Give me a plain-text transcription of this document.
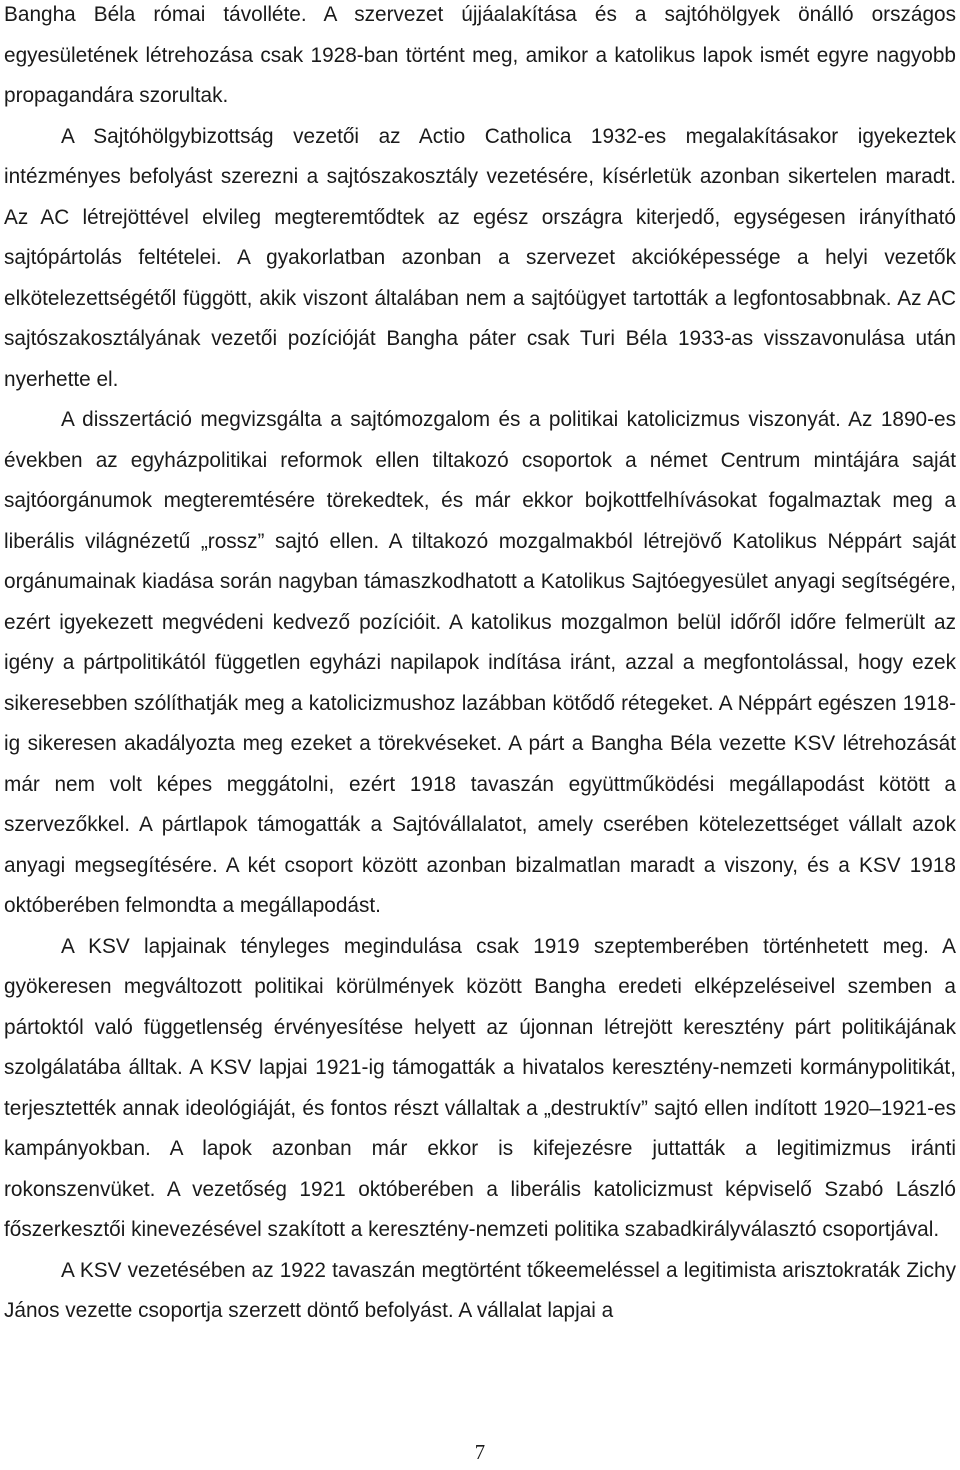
Bangha Béla római távolléte. A szervezet újjáalakítása és a sajtóhölgyek önálló országos egyesületének létrehozása csak 1928-ban történt meg, amikor a katolikus lapok ismét egyre nagyobb propagandára szorultak.

A Sajtóhölgybizottság vezetői az Actio Catholica 1932-es megalakításakor igyekeztek intézményes befolyást szerezni a sajtószakosztály vezetésére, kísérletük azonban sikertelen maradt. Az AC létrejöttével elvileg megteremtődtek az egész országra kiterjedő, egységesen irányítható sajtópártolás feltételei. A gyakorlatban azonban a szervezet akcióképessége a helyi vezetők elkötelezettségétől függött, akik viszont általában nem a sajtóügyet tartották a legfontosabbnak. Az AC sajtószakosztályának vezetői pozícióját Bangha páter csak Turi Béla 1933-as visszavonulása után nyerhette el.

A disszertáció megvizsgálta a sajtómozgalom és a politikai katolicizmus viszonyát. Az 1890-es években az egyházpolitikai reformok ellen tiltakozó csoportok a német Centrum mintájára saját sajtóorgánumok megteremtésére törekedtek, és már ekkor bojkottfelhívásokat fogalmaztak meg a liberális világnézetű „rossz” sajtó ellen. A tiltakozó mozgalmakból létrejövő Katolikus Néppárt saját orgánumainak kiadása során nagyban támaszkodhatott a Katolikus Sajtóegyesület anyagi segítségére, ezért igyekezett megvédeni kedvező pozícióit. A katolikus mozgalmon belül időről időre felmerült az igény a pártpolitikától független egyházi napilapok indítása iránt, azzal a megfontolással, hogy ezek sikeresebben szólíthatják meg a katolicizmushoz lazábban kötődő rétegeket. A Néppárt egészen 1918-ig sikeresen akadályozta meg ezeket a törekvéseket. A párt a Bangha Béla vezette KSV létrehozását már nem volt képes meggátolni, ezért 1918 tavaszán együttműködési megállapodást kötött a szervezőkkel. A pártlapok támogatták a Sajtóvállalatot, amely cserében kötelezettséget vállalt azok anyagi megsegítésére. A két csoport között azonban bizalmatlan maradt a viszony, és a KSV 1918 októberében felmondta a megállapodást.

A KSV lapjainak tényleges megindulása csak 1919 szeptemberében történhetett meg. A gyökeresen megváltozott politikai körülmények között Bangha eredeti elképzeléseivel szemben a pártoktól való függetlenség érvényesítése helyett az újonnan létrejött keresztény párt politikájának szolgálatába álltak. A KSV lapjai 1921-ig támogatták a hivatalos keresztény-nemzeti kormánypolitikát, terjesztették annak ideológiáját, és fontos részt vállaltak a „destruktív” sajtó ellen indított 1920–1921-es kampányokban. A lapok azonban már ekkor is kifejezésre juttatták a legitimizmus iránti rokonszenvüket. A vezetőség 1921 októberében a liberális katolicizmust képviselő Szabó László főszerkesztői kinevezésével szakított a keresztény-nemzeti politika szabadkirályválasztó csoportjával.

A KSV vezetésében az 1922 tavaszán megtörtént tőkeemeléssel a legitimista arisztokraták Zichy János vezette csoportja szerzett döntő befolyást. A vállalat lapjai a

7
